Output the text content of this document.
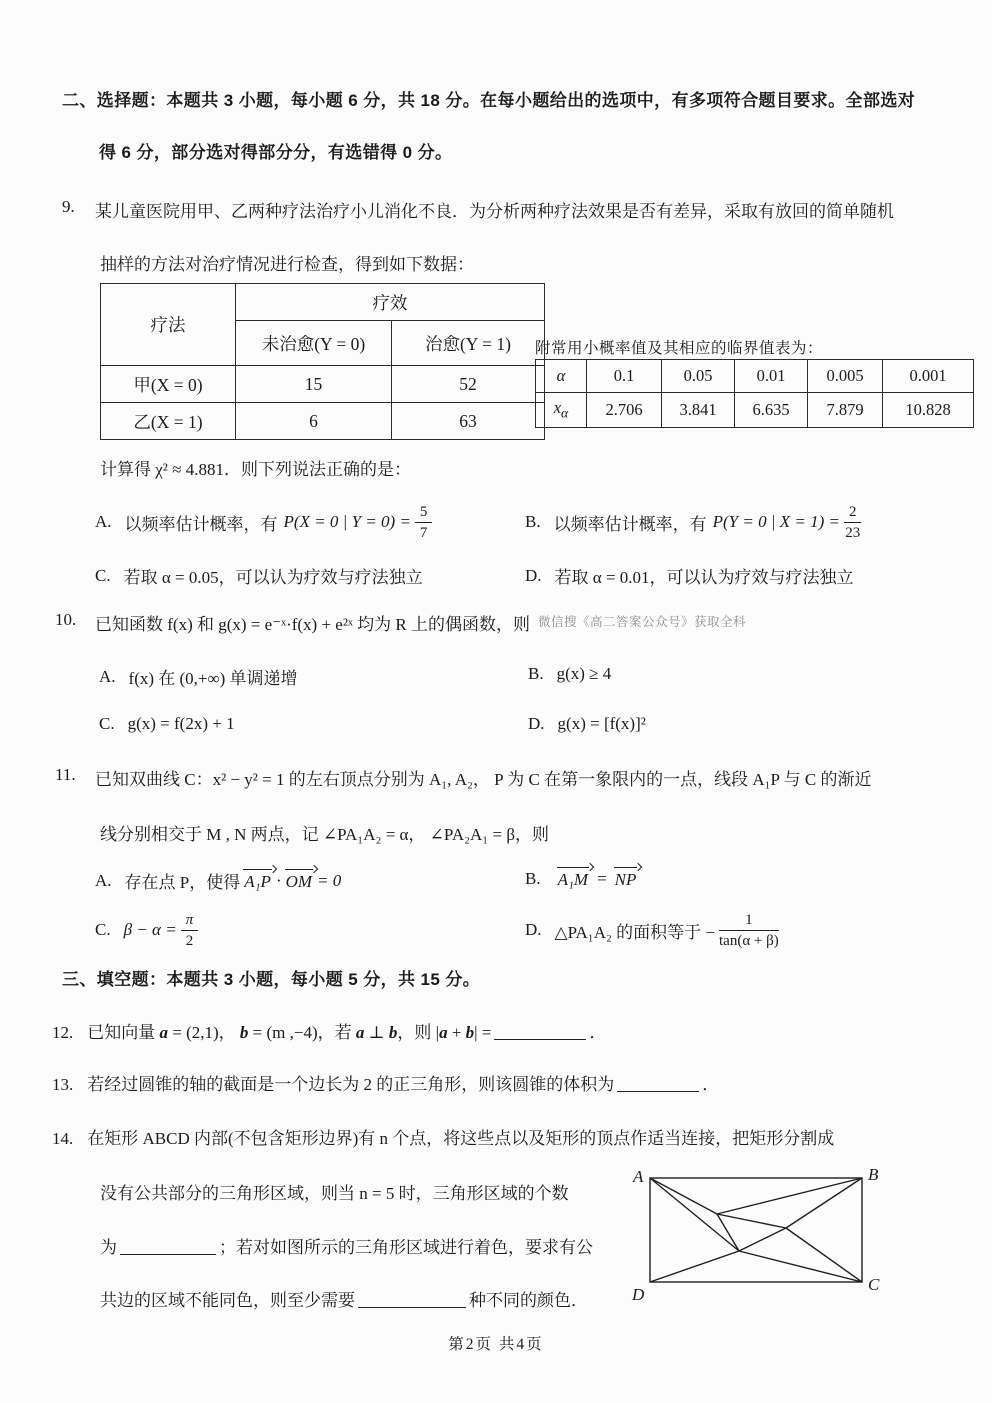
二、选择题：本题共 3 小题，每小题 6 分，共 18 分。在每小题给出的选项中，有多项符合题目要求。全部选对
得 6 分，部分选对得部分分，有选错得 0 分。
9. 某儿童医院用甲、乙两种疗法治疗小儿消化不良．为分析两种疗法效果是否有差异，采取有放回的简单随机
抽样的方法对治疗情况进行检查，得到如下数据：
疗法	疗效	
	未治愈(Y = 0)	治愈(Y = 1)
甲(X = 0)	15	52
乙(X = 1)	6	63
附常用小概率值及其相应的临界值表为：
α	0.1	0.05	0.01	0.005	0.001
$x_\alpha$	2.706	3.841	6.635	7.879	10.828
计算得 χ² ≈ 4.881．则下列说法正确的是：
A. 以频率估计概率，有 P(X = 0 | $Y = 0) = \frac{5}{7}$	B. 以频率估计概率，有 P(Y = 0 | $X = 1) = \frac{2}{23}$
C. 若取 α = 0.05，可以认为疗效与疗法独立	D. 若取 α = 0.01，可以认为疗效与疗法独立
10. 已知函数 f(x) 和 g(x) = e⁻ˣ·f(x) + e²ˣ 均为 R 上的偶函数，则 $^{微信搜《高二答案公众号》获取全科}$
A. f(x) 在 (0,+∞) 单调递增	B. g(x) ≥ 4
C. g(x) = f(2x) + 1	D. g(x) = [f(x)]²
11. 已知双曲线 C：x² − y² = 1 的左右顶点分别为 A₁, A₂， P 为 C 在第一象限内的一点，线段 A₁P 与 C 的渐近
线分别相交于 M , N 两点，记 ∠PA₁A₂ = α， ∠PA₂A₁ = β，则
A. 存在点 P，使得 A₁P · OM = 0	B. A₁M = NP
C. $\beta - \alpha = \frac{\pi}{2}$	D. △PA₁A₂ 的面积等于 − $\frac{1}{\tan(\alpha + \beta)}$
三、填空题：本题共 3 小题，每小题 5 分，共 15 分。
12. 已知向量 a = (2,1)， b = (m ,−4)，若 a ⊥ b，则 |a + b| =	．
13. 若经过圆锥的轴的截面是一个边长为 2 的正三角形，则该圆锥的体积为	．
14. 在矩形 ABCD 内部(不包含矩形边界)有 n 个点，将这些点以及矩形的顶点作适当连接，把矩形分割成
没有公共部分的三角形区域，则当 n = 5 时，三角形区域的个数
为	；若对如图所示的三角形区域进行着色，要求有公
共边的区域不能同色，则至少需要	种不同的颜色．
A	B
C
D
第2页 共4页
